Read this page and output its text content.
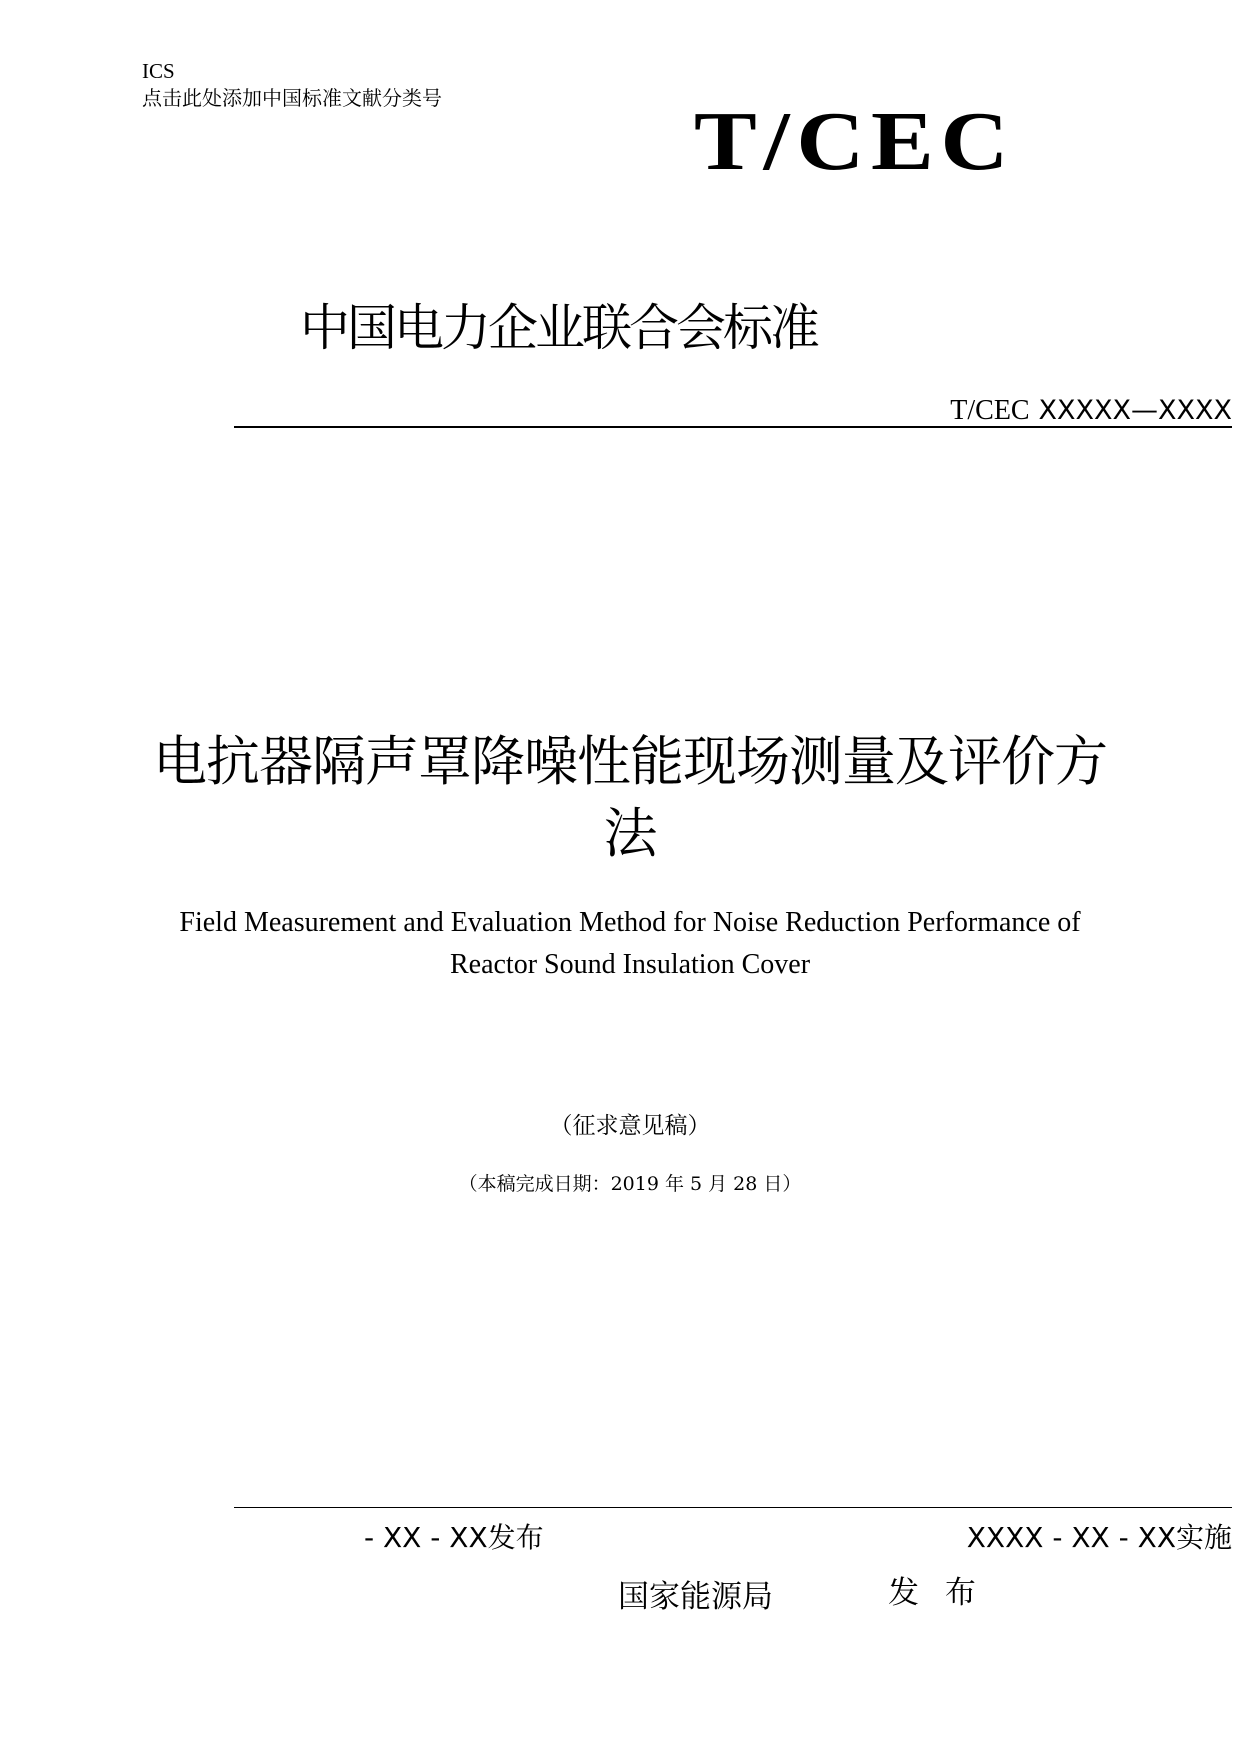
ICS
点击此处添加中国标准文献分类号	T/CEC
中国电力企业联合会标准
T/CEC XXXXX—XXXX
电抗器隔声罩降噪性能现场测量及评价方
法
Field Measurement and Evaluation Method for Noise Reduction Performance of
Reactor Sound Insulation Cover
（征求意见稿）
（本稿完成日期：2019 年 5 月 28 日）
- XX - XX发布	XXXX - XX - XX实施
国家能源局	发 布
